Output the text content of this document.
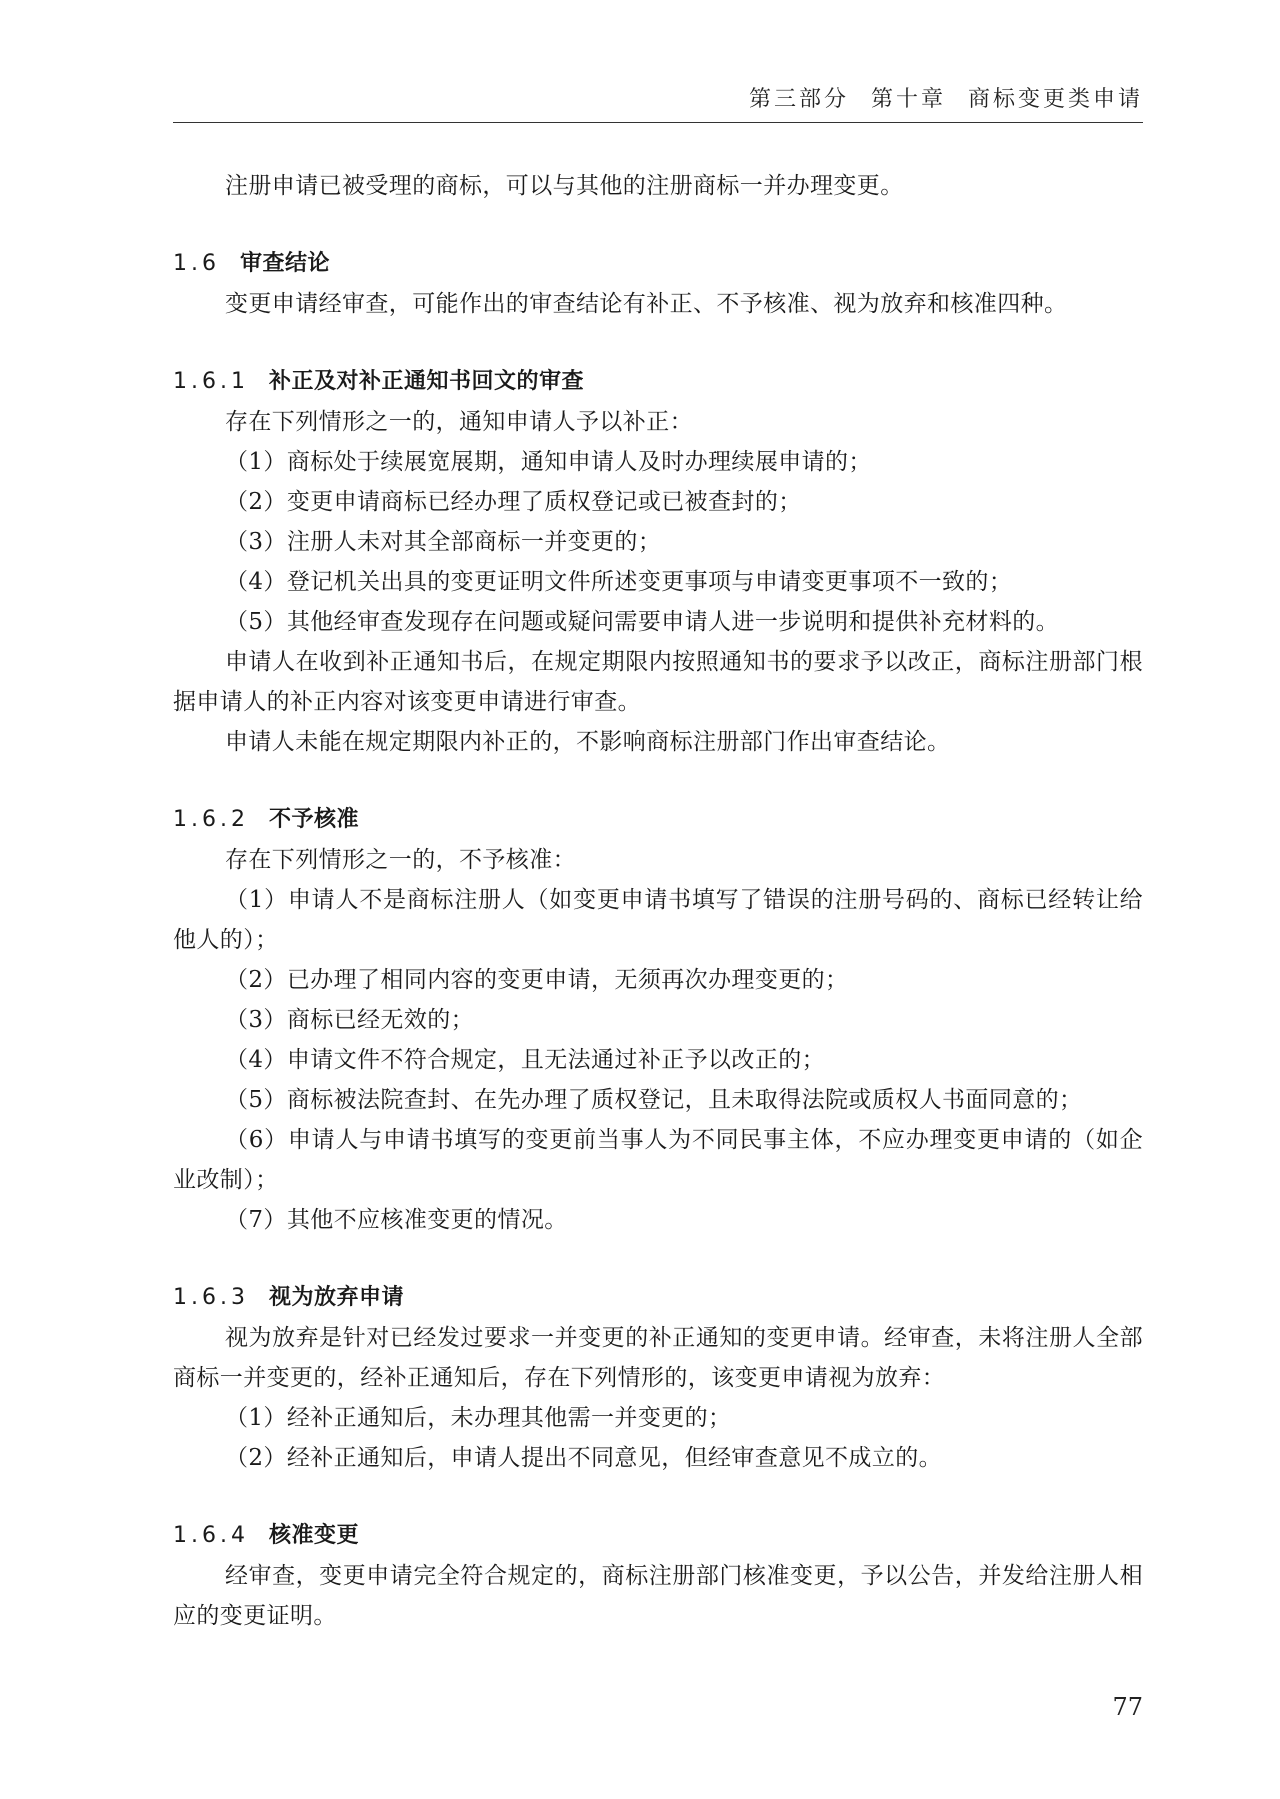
第三部分 第十章 商标变更类申请

注册申请已被受理的商标，可以与其他的注册商标一并办理变更。

1.6 审查结论

变更申请经审查，可能作出的审查结论有补正、不予核准、视为放弃和核准四种。

1.6.1 补正及对补正通知书回文的审查

存在下列情形之一的，通知申请人予以补正：

（1）商标处于续展宽展期，通知申请人及时办理续展申请的；

（2）变更申请商标已经办理了质权登记或已被查封的；

（3）注册人未对其全部商标一并变更的；

（4）登记机关出具的变更证明文件所述变更事项与申请变更事项不一致的；

（5）其他经审查发现存在问题或疑问需要申请人进一步说明和提供补充材料的。

申请人在收到补正通知书后，在规定期限内按照通知书的要求予以改正，商标注册部门根据申请人的补正内容对该变更申请进行审查。

申请人未能在规定期限内补正的，不影响商标注册部门作出审查结论。

1.6.2 不予核准

存在下列情形之一的，不予核准：

（1）申请人不是商标注册人（如变更申请书填写了错误的注册号码的、商标已经转让给他人的）；

（2）已办理了相同内容的变更申请，无须再次办理变更的；

（3）商标已经无效的；

（4）申请文件不符合规定，且无法通过补正予以改正的；

（5）商标被法院查封、在先办理了质权登记，且未取得法院或质权人书面同意的；

（6）申请人与申请书填写的变更前当事人为不同民事主体，不应办理变更申请的（如企业改制）；

（7）其他不应核准变更的情况。

1.6.3 视为放弃申请

视为放弃是针对已经发过要求一并变更的补正通知的变更申请。经审查，未将注册人全部商标一并变更的，经补正通知后，存在下列情形的，该变更申请视为放弃：

（1）经补正通知后，未办理其他需一并变更的；

（2）经补正通知后，申请人提出不同意见，但经审查意见不成立的。

1.6.4 核准变更

经审查，变更申请完全符合规定的，商标注册部门核准变更，予以公告，并发给注册人相应的变更证明。

77
